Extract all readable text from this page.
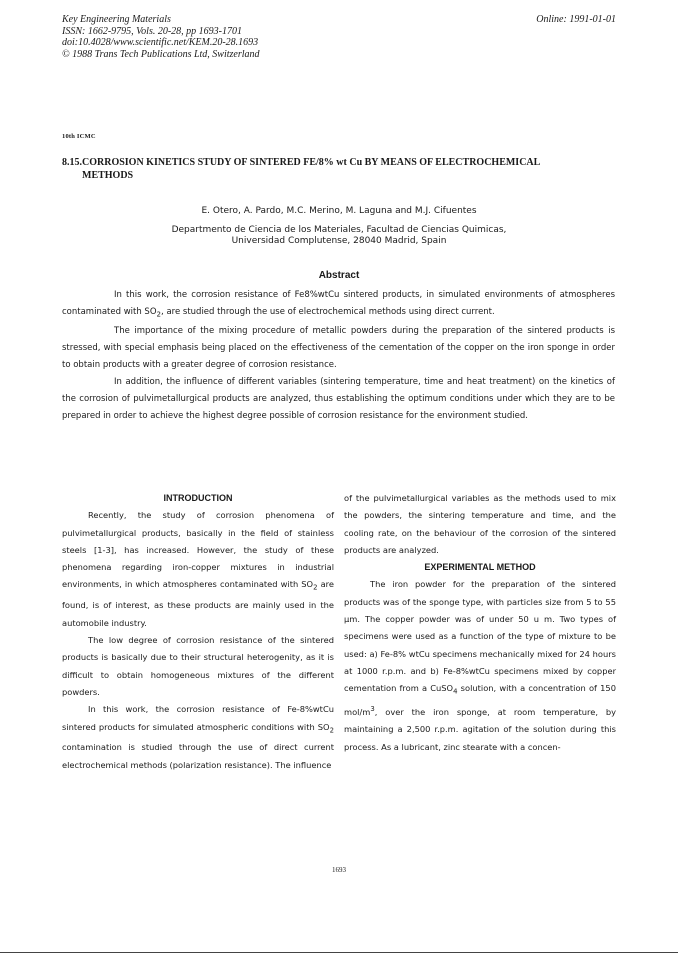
Key Engineering Materials
ISSN: 1662-9795, Vols. 20-28, pp 1693-1701
doi:10.4028/www.scientific.net/KEM.20-28.1693
© 1988 Trans Tech Publications Ltd, Switzerland
Online: 1991-01-01
10th ICMC
8.15.CORROSION KINETICS STUDY OF SINTERED FE/8% wt Cu BY MEANS OF ELECTROCHEMICAL
METHODS
E. Otero, A. Pardo, M.C. Merino, M. Laguna and M.J. Cifuentes
Departmento de Ciencia de los Materiales, Facultad de Ciencias Quimicas,
Universidad Complutense, 28040 Madrid, Spain
Abstract

In this work, the corrosion resistance of Fe8%wtCu sintered products, in simulated environments of atmospheres contaminated with $SO_2$, are studied through the use of electrochemical methods using direct current.

The importance of the mixing procedure of metallic powders during the preparation of the sintered products is stressed, with special emphasis being placed on the effectiveness of the cementation of the copper on the iron sponge in order to obtain products with a greater degree of corrosion resistance.

In addition, the influence of different variables (sintering temperature, time and heat treatment) on the kinetics of the corrosion of pulvimetallurgical products are analyzed, thus establishing the optimum conditions under which they are to be prepared in order to achieve the highest degree possible of corrosion resistance for the environment studied.

INTRODUCTION

Recently, the study of corrosion phenomena of pulvimetallurgical products, basically in the field of stainless steels [1-3], has increased. However, the study of these phenomena regarding iron-copper mixtures in industrial environments, in which atmospheres contaminated with $SO_2$ are found, is of interest, as these products are mainly used in the automobile industry.

The low degree of corrosion resistance of the sintered products is basically due to their structural heterogenity, as it is difficult to obtain homogeneous mixtures of the different powders.

In this work, the corrosion resistance of Fe-8%wtCu sintered products for simulated atmospheric conditions with $SO_2$ contamination is studied through the use of direct current electrochemical methods (polarization resistance). The influence

of the pulvimetallurgical variables as the methods used to mix the powders, the sintering temperature and time, and the cooling rate, on the behaviour of the corrosion of the sintered products are analyzed.

EXPERIMENTAL METHOD

The iron powder for the preparation of the sintered products was of the sponge type, with particles size from 5 to 55 µm. The copper powder was of under 50 u m. Two types of specimens were used as a function of the type of mixture to be used: a) Fe-8% wtCu specimens mechanically mixed for 24 hours at 1000 r.p.m. and b) Fe-8%wtCu specimens mixed by copper cementation from a CuSO$_4$ solution, with a concentration of 150 mol/$m^3$, over the iron sponge, at room temperature, by maintaining a 2,500 r.p.m. agitation of the solution during this process. As a lubricant, zinc stearate with a concen-

1693
